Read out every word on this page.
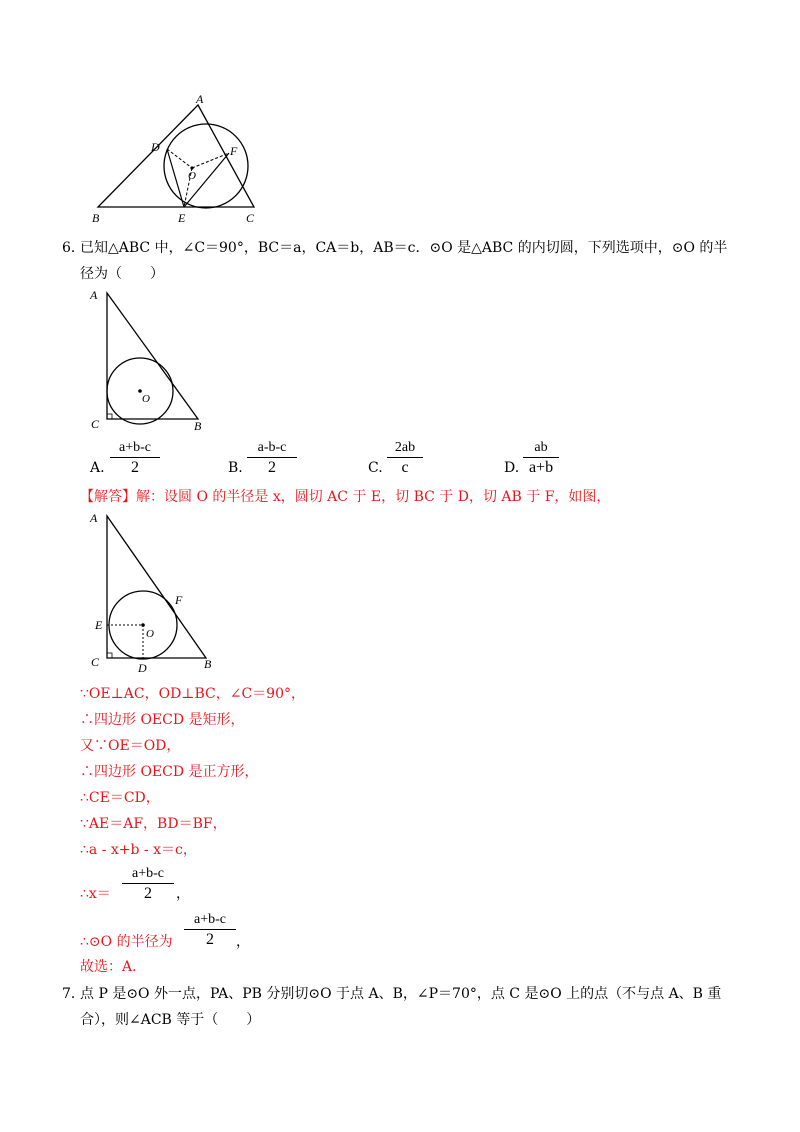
A
B	C
D
E
F
O
6．
已知△ABC 中，∠C＝90°，BC＝a，CA＝b，AB＝c．⊙O 是△ABC 的内切圆，下列选项中，⊙O 的半
径为（　　）
A
C	B
O
A.
a+b-c
2	B.
a-b-c
2	C.
2ab
c	D.
ab
a+b
【解答】解：设圆 O 的半径是 x，圆切 AC 于 E，切 BC 于 D，切 AB 于 F，如图，
A
E
C	D	B
F
O
∵OE⊥AC，OD⊥BC，∠C＝90°，
∴四边形 OECD 是矩形，
又∵OE＝OD，
∴四边形 OECD 是正方形，
∴CE＝CD，
∵AE＝AF，BD＝BF，
∴a - x+b - x＝c，
∴x＝
a+b-c
2	，
∴⊙O 的半径为
a+b-c
2	，
故选：A．
7．
点 P 是⊙O 外一点，PA、PB 分别切⊙O 于点 A、B，∠P＝70°，点 C 是⊙O 上的点（不与点 A、B 重
合），则∠ACB 等于（　　）
